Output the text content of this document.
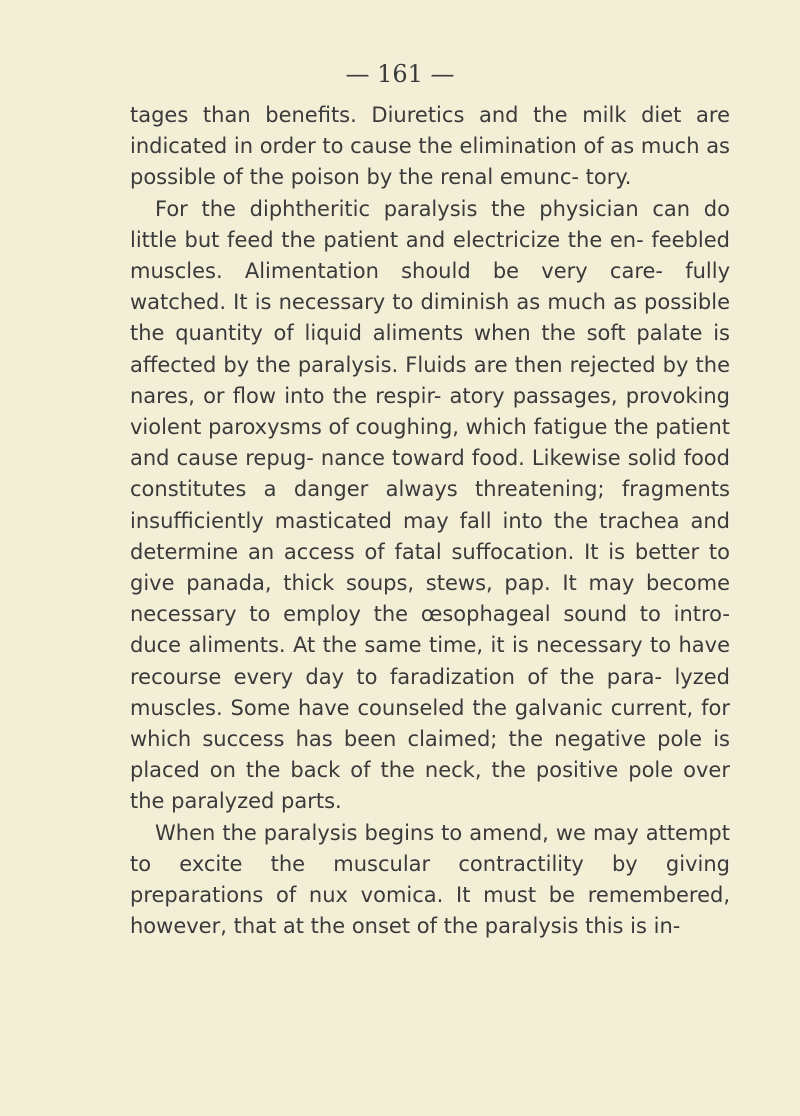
— 161 —

tages than benefits. Diuretics and the milk diet are indicated in order to cause the elimination of as much as possible of the poison by the renal emunc- tory.

For the diphtheritic paralysis the physician can do little but feed the patient and electricize the en- feebled muscles. Alimentation should be very care- fully watched. It is necessary to diminish as much as possible the quantity of liquid aliments when the soft palate is affected by the paralysis. Fluids are then rejected by the nares, or flow into the respir- atory passages, provoking violent paroxysms of coughing, which fatigue the patient and cause repug- nance toward food. Likewise solid food constitutes a danger always threatening; fragments insufficiently masticated may fall into the trachea and determine an access of fatal suffocation. It is better to give panada, thick soups, stews, pap. It may become necessary to employ the œsophageal sound to intro- duce aliments. At the same time, it is necessary to have recourse every day to faradization of the para- lyzed muscles. Some have counseled the galvanic current, for which success has been claimed; the negative pole is placed on the back of the neck, the positive pole over the paralyzed parts.

When the paralysis begins to amend, we may attempt to excite the muscular contractility by giving preparations of nux vomica. It must be remembered, however, that at the onset of the paralysis this is in-
